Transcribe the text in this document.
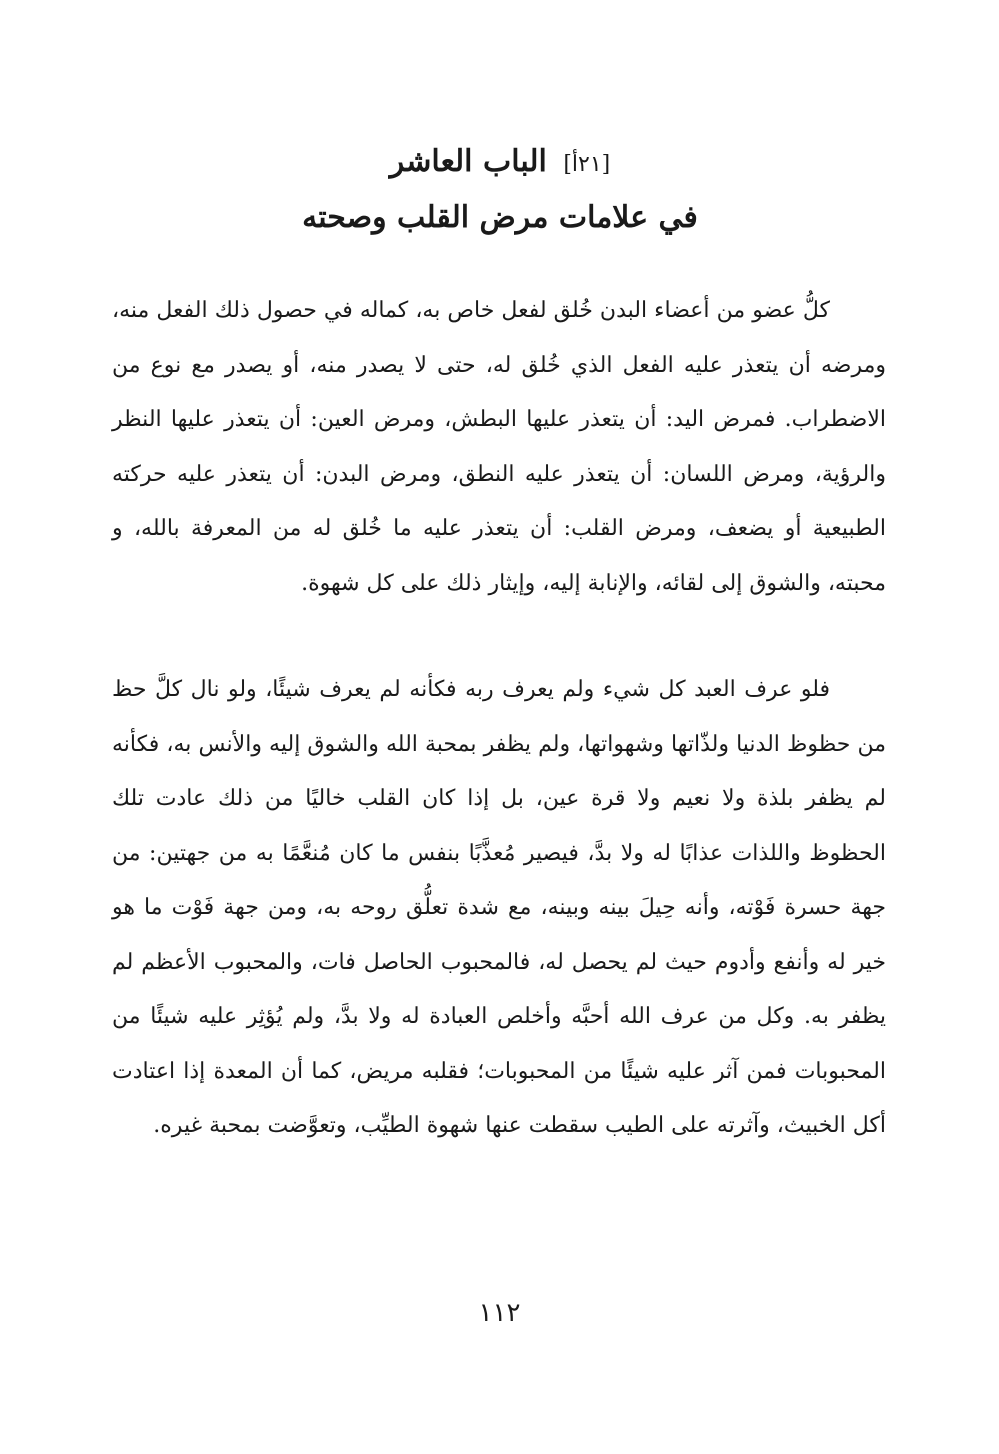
[٢١أ] الباب العاشر
في علامات مرض القلب وصحته

كلُّ عضو من أعضاء البدن خُلق لفعل خاص به، كماله في حصول ذلك الفعل منه، ومرضه أن يتعذر عليه الفعل الذي خُلق له، حتى لا يصدر منه، أو يصدر مع نوع من الاضطراب. فمرض اليد: أن يتعذر عليها البطش، ومرض العين: أن يتعذر عليها النظر والرؤية، ومرض اللسان: أن يتعذر عليه النطق، ومرض البدن: أن يتعذر عليه حركته الطبيعية أو يضعف، ومرض القلب: أن يتعذر عليه ما خُلق له من المعرفة بالله، و محبته، والشوق إلى لقائه، والإنابة إليه، وإيثار ذلك على كل شهوة.

فلو عرف العبد كل شيء ولم يعرف ربه فكأنه لم يعرف شيئًا، ولو نال كلَّ حظ من حظوظ الدنيا ولذّاتها وشهواتها، ولم يظفر بمحبة الله والشوق إليه والأنس به، فكأنه لم يظفر بلذة ولا نعيم ولا قرة عين، بل إذا كان القلب خاليًا من ذلك عادت تلك الحظوظ واللذات عذابًا له ولا بدَّ، فيصير مُعذَّبًا بنفس ما كان مُنعَّمًا به من جهتين: من جهة حسرة فَوْته، وأنه حِيلَ بينه وبينه، مع شدة تعلُّق روحه به، ومن جهة فَوْت ما هو خير له وأنفع وأدوم حيث لم يحصل له، فالمحبوب الحاصل فات، والمحبوب الأعظم لم يظفر به. وكل من عرف الله أحبَّه وأخلص العبادة له ولا بدَّ، ولم يُؤثِر عليه شيئًا من المحبوبات فمن آثر عليه شيئًا من المحبوبات؛ فقلبه مريض، كما أن المعدة إذا اعتادت أكل الخبيث، وآثرته على الطيب سقطت عنها شهوة الطيِّب، وتعوَّضت بمحبة غيره.

١١٢
